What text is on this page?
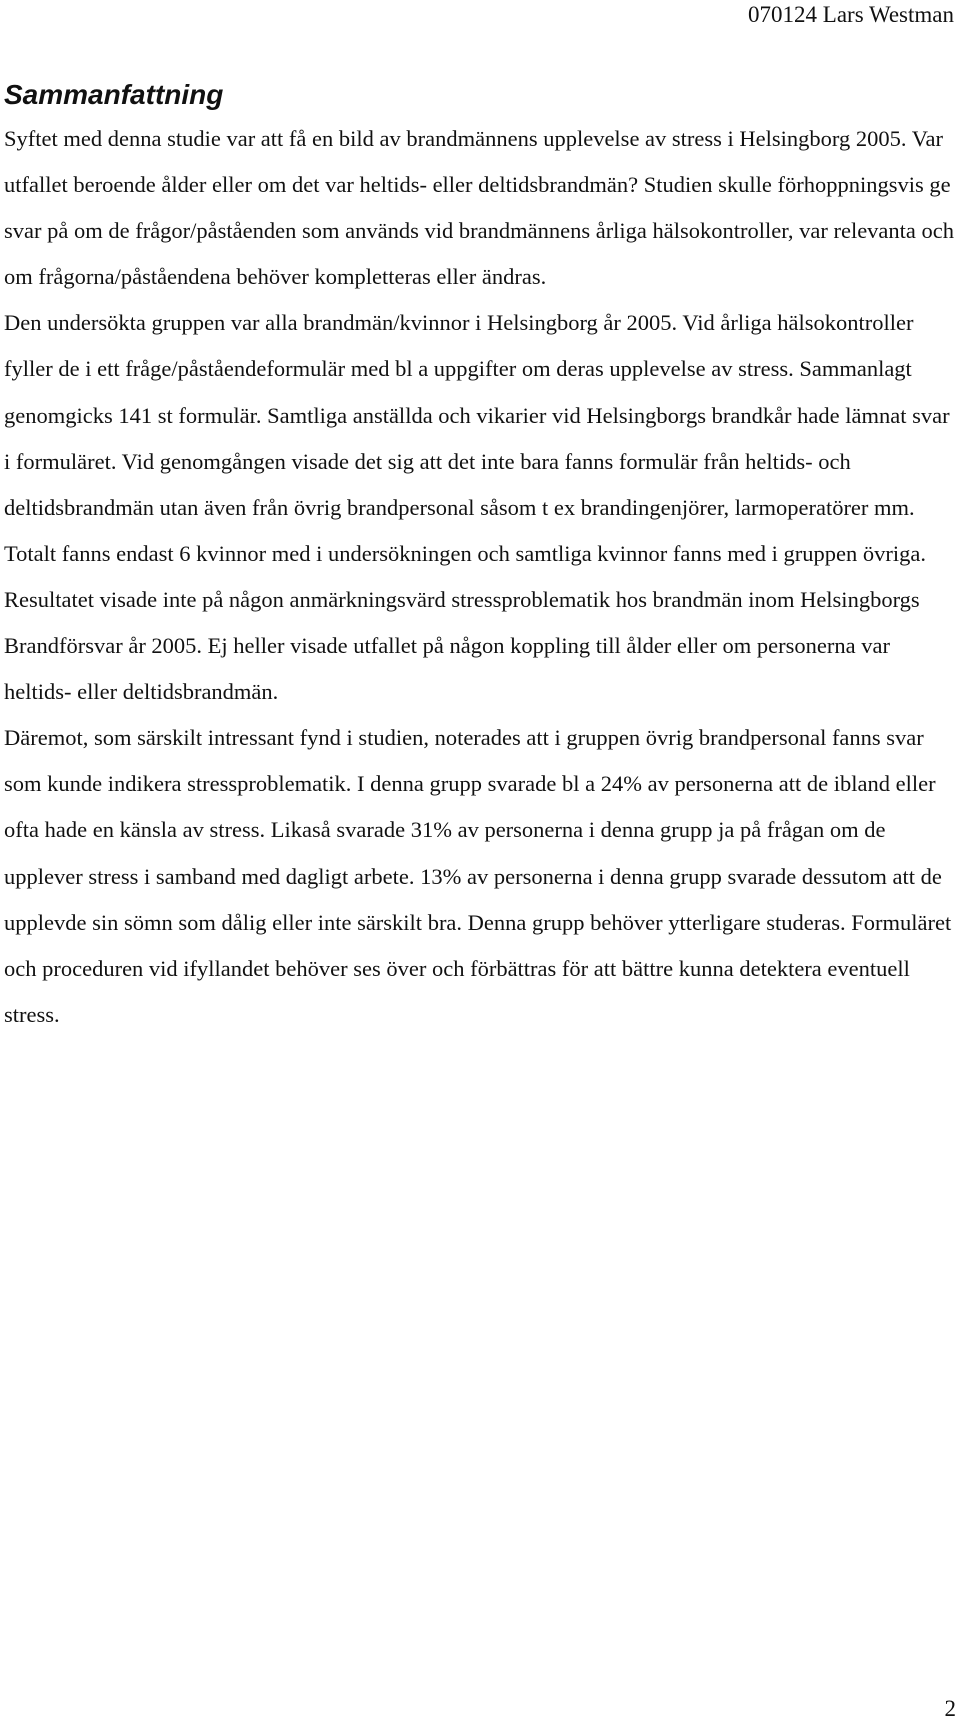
070124 Lars Westman
Sammanfattning

Syftet med denna studie var att få en bild av brandmännens upplevelse av stress i Helsingborg 2005. Var utfallet beroende ålder eller om det var heltids- eller deltidsbrandmän? Studien skulle förhoppningsvis ge svar på om de frågor/påståenden som används vid brandmännens årliga hälsokontroller, var relevanta och om frågorna/påståendena behöver kompletteras eller ändras.

Den undersökta gruppen var alla brandmän/kvinnor i Helsingborg år 2005. Vid årliga hälsokontroller fyller de i ett fråge/påståendeformulär med bl a uppgifter om deras upplevelse av stress. Sammanlagt genomgicks 141 st formulär. Samtliga anställda och vikarier vid Helsingborgs brandkår hade lämnat svar i formuläret. Vid genomgången visade det sig att det inte bara fanns formulär från heltids- och deltidsbrandmän utan även från övrig brandpersonal såsom t ex brandingenjörer, larmoperatörer mm. Totalt fanns endast 6 kvinnor med i undersökningen och samtliga kvinnor fanns med i gruppen övriga.

Resultatet visade inte på någon anmärkningsvärd stressproblematik hos brandmän inom Helsingborgs Brandförsvar år 2005. Ej heller visade utfallet på någon koppling till ålder eller om personerna var heltids- eller deltidsbrandmän.

Däremot, som särskilt intressant fynd i studien, noterades att i gruppen övrig brandpersonal fanns svar som kunde indikera stressproblematik. I denna grupp svarade bl a 24% av personerna att de ibland eller ofta hade en känsla av stress. Likaså svarade 31% av personerna i denna grupp ja på frågan om de upplever stress i samband med dagligt arbete. 13% av personerna i denna grupp svarade dessutom att de upplevde sin sömn som dålig eller inte särskilt bra. Denna grupp behöver ytterligare studeras. Formuläret och proceduren vid ifyllandet behöver ses över och förbättras för att bättre kunna detektera eventuell stress.

2
